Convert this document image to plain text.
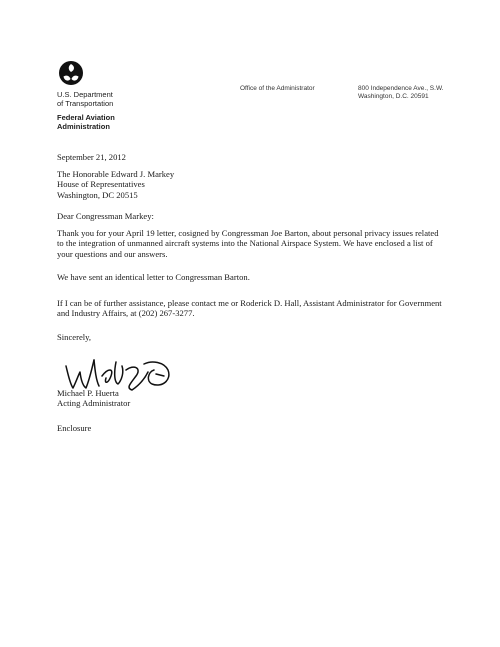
U.S. Department
of Transportation
Federal Aviation
Administration
Office of the Administrator	800 Independence Ave., S.W.
Washington, D.C. 20591
September 21, 2012
The Honorable Edward J. Markey
House of Representatives
Washington, DC 20515
Dear Congressman Markey:
Thank you for your April 19 letter, cosigned by Congressman Joe Barton, about personal privacy issues related to the integration of unmanned aircraft systems into the National Airspace System. We have enclosed a list of your questions and our answers.
We have sent an identical letter to Congressman Barton.
If I can be of further assistance, please contact me or Roderick D. Hall, Assistant Administrator for Government and Industry Affairs, at (202) 267-3277.
Sincerely,
Michael P. Huerta
Acting Administrator
Enclosure
